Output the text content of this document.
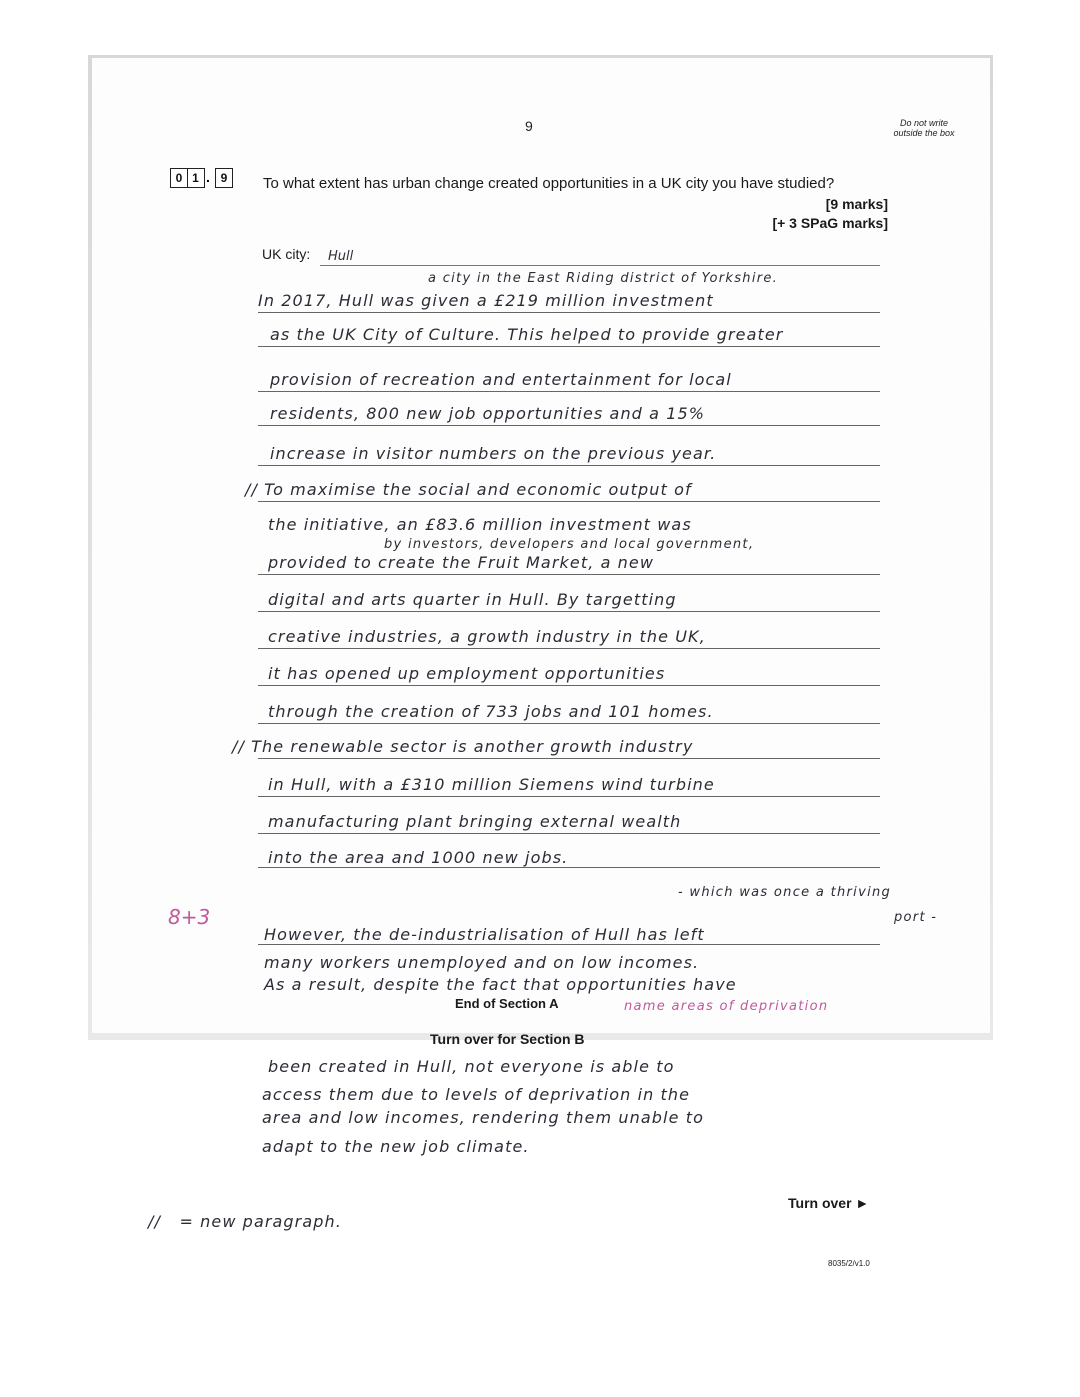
9	Do not write outside the box
0 1 . 9	To what extent has urban change created opportunities in a UK city you have studied?
[9 marks]
[+ 3 SPaG marks]
UK city: Hull
a city in the East Riding district of Yorkshire.
In 2017, Hull was given a £219 million investment
as the UK City of Culture. This helped to provide greater
provision of recreation and entertainment for local
residents, 800 new job opportunities and a 15%
increase in visitor numbers on the previous year.
// To maximise the social and economic output of
the initiative, an £83.6 million investment was
by investors, developers and local government,
provided to create the Fruit Market, a new
digital and arts quarter in Hull. By targetting
creative industries, a growth industry in the UK,
it has opened up employment opportunities
through the creation of 733 jobs and 101 homes.
// The renewable sector is another growth industry
in Hull, with a £310 million Siemens wind turbine
manufacturing plant bringing external wealth
into the area and 1000 new jobs.
- which was once a thriving
port -
However, the de-industrialisation of Hull has left
many workers unemployed and on low incomes.
As a result, despite the fact that opportunities have
name areas of deprivation
End of Section A
Turn over for Section B
been created in Hull, not everyone is able to
access them due to levels of deprivation in the
area and low incomes, rendering them unable to
adapt to the new job climate.
8+3
Turn over ►
8035/2/v1.0
// = new paragraph.
